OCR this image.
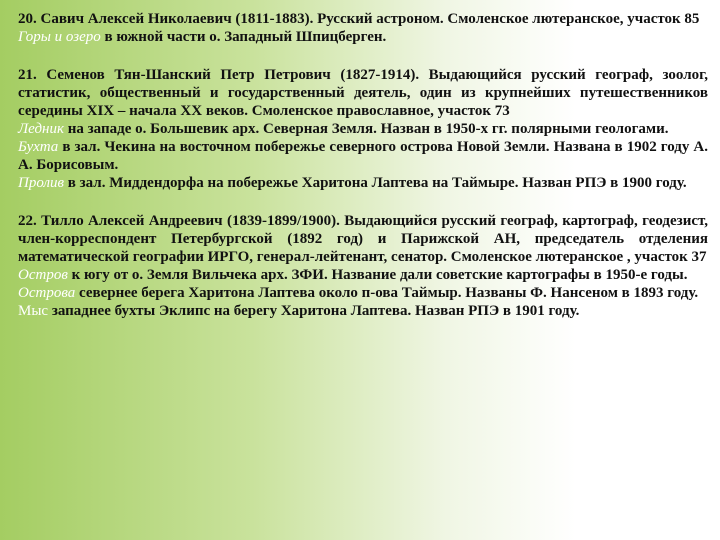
20. Савич Алексей Николаевич (1811-1883). Русский астроном. Смоленское лютеранское, участок 85
Горы и озеро в южной части о. Западный Шпицберген.
21. Семенов Тян-Шанский Петр Петрович (1827-1914). Выдающийся русский географ, зоолог, статистик, общественный и государственный деятель, один из крупнейших путешественников середины XIX – начала XX веков. Смоленское православное, участок 73
Ледник на западе о. Большевик арх. Северная Земля. Назван в 1950-х гг. полярными геологами.
Бухта в зал. Чекина на восточном побережье северного острова Новой Земли. Названа в 1902 году А. А. Борисовым.
Пролив в зал. Миддендорфа на побережье Харитона Лаптева на Таймыре. Назван РПЭ в 1900 году.
22. Тилло Алексей Андреевич (1839-1899/1900). Выдающийся русский географ, картограф, геодезист, член-корреспондент Петербургской (1892 год) и Парижской АН, председатель отделения математической географии ИРГО, генерал-лейтенант, сенатор. Смоленское лютеранское , участок 37
Остров к югу от о. Земля Вильчека арх. ЗФИ. Название дали советские картографы в 1950-е годы.
Острова севернее берега Харитона Лаптева около п-ова Таймыр. Названы Ф. Нансеном в 1893 году.
Мыс западнее бухты Эклипс на берегу Харитона Лаптева. Назван РПЭ в 1901 году.
